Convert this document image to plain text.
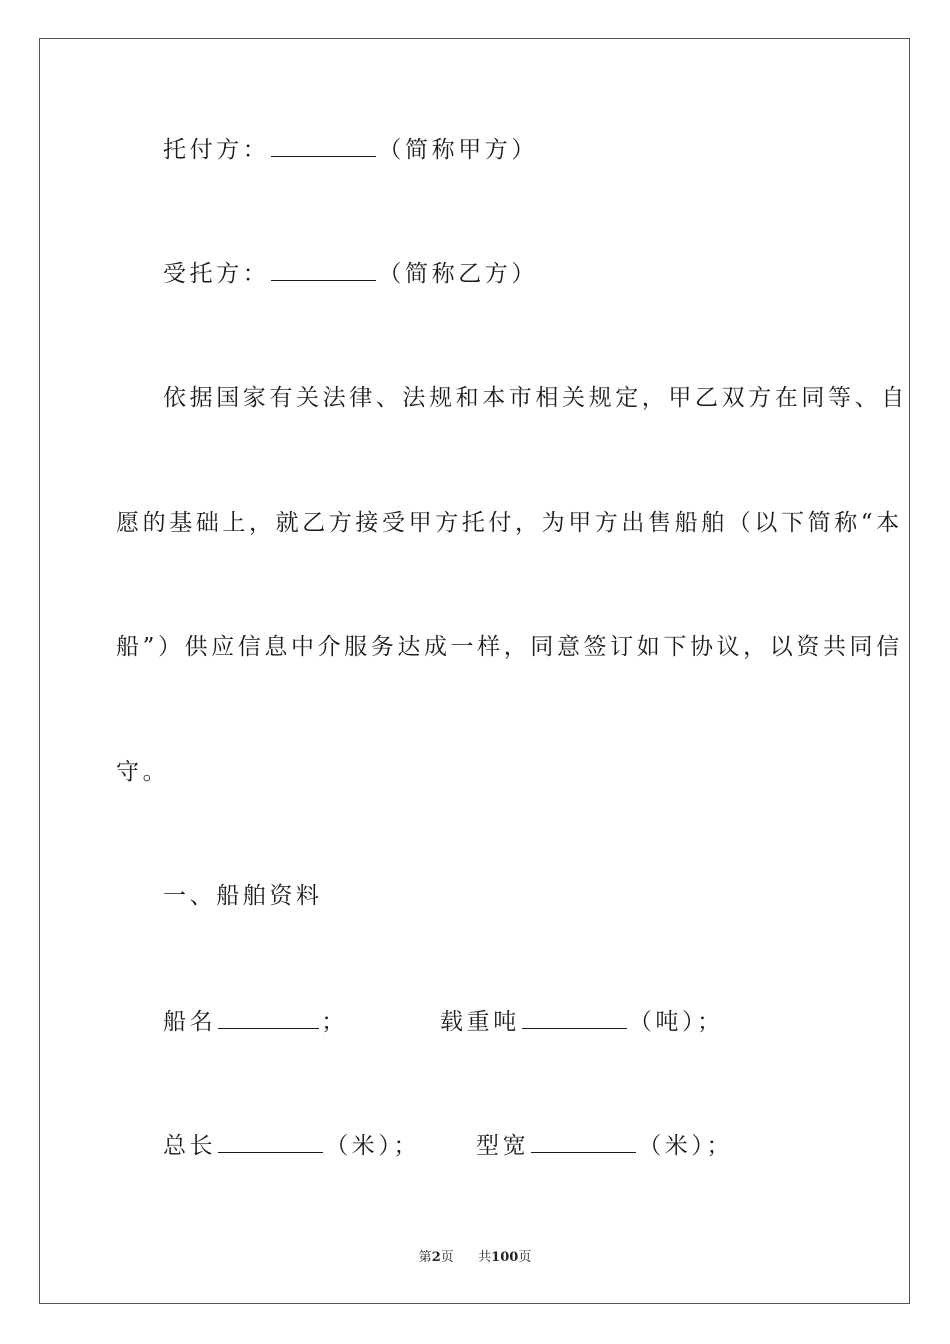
托付方：	（简称甲方）
受托方：	（简称乙方）
依据国家有关法律、法规和本市相关规定，甲乙双方在同等、自
愿的基础上，就乙方接受甲方托付，为甲方出售船舶（以下简称“本
船”）供应信息中介服务达成一样，同意签订如下协议，以资共同信
守。
一、船舶资料
船名	；	载重吨	（吨）；
总长	（米）； 型宽	（米）；
第2页 共100页
